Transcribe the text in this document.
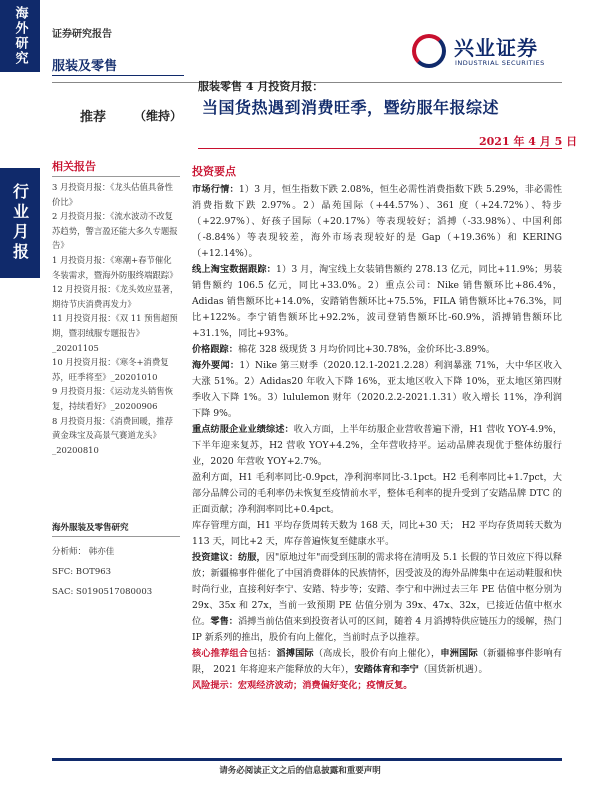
海外研究
行业月报
证券研究报告
服装及零售
兴业证券
INDUSTRIAL SECURITIES
推荐 （维持）
服装零售 4 月投资月报：
当国货热遇到消费旺季，暨纺服年报综述
2021 年 4 月 5 日
相关报告
3 月投资月报：《龙头估值具备性价比》
2 月投资月报：《流水波动不改复苏趋势，警言盈还能大多久专题报告》
1 月投资月报：《寒潮+春节催化冬装需求，暨海外防服终端跟踪》
12 月投资月报：《龙头效应显著，期待节庆消费再发力》
11 月投资月报：《双 11 预售超预期，暨羽绒服专题报告》_20201105
10 月投资月报：《寒冬+消费复苏，旺季将至》_20201010
9 月投资月报：《运动龙头销售恢复，持续看好》_20200906
8 月投资月报：《消费回暖，推荐黄金珠宝及高景气赛道龙头》_20200810
海外服装及零售研究
分析师： 韩亦佳
SFC: BOT963
SAC: S0190517080003
投资要点

市场行情：1）3 月，恒生指数下跌 2.08%，恒生必需性消费指数下跌 5.29%，非必需性消费指数下跌 2.97%。2）晶苑国际（+44.57%）、361 度（+24.72%）、特步（+22.97%）、好孩子国际（+20.17%）等表现较好；滔搏（-33.98%）、中国利郎（-8.84%）等表现较差，海外市场表现较好的是 Gap（+19.36%）和 KERING（+12.14%）。

线上淘宝数据跟踪：1）3 月，淘宝线上女装销售额约 278.13 亿元，同比+11.9%；男装销售额约 106.5 亿元，同比+33.0%。2）重点公司：Nike 销售额环比+86.4%，Adidas 销售额环比+14.0%，安踏销售额环比+75.5%，FILA 销售额环比+76.3%，同比+122%。李宁销售额环比+92.2%，波司登销售额环比-60.9%，滔搏销售额环比+31.1%，同比+93%。

价格跟踪：棉花 328 级现货 3 月均价同比+30.78%，金价环比-3.89%。

海外要闻：1）Nike 第三财季（2020.12.1-2021.2.28）利润暴涨 71%，大中华区收入大涨 51%。2）Adidas20 年收入下降 16%，亚太地区收入下降 10%，亚太地区第四财季收入下降 1%。3）lululemon 财年（2020.2.2-2021.1.31）收入增长 11%，净利润下降 9%。

重点纺服企业业绩综述：收入方面，上半年纺服企业营收普遍下滑，H1 营收 YOY-4.9%，下半年迎来复苏，H2 营收 YOY+4.2%，全年营收持平。运动品牌表现优于整体纺服行业，2020 年营收 YOY+2.7%。

盈利方面，H1 毛利率同比-0.9pct，净利润率同比-3.1pct。H2 毛利率同比+1.7pct，大部分品牌公司的毛利率仍未恢复至疫情前水平，整体毛利率的提升受到了安踏品牌 DTC 的正面贡献；净利润率同比+0.4pct。

库存管理方面，H1 平均存货周转天数为 168 天，同比+30 天； H2 平均存货周转天数为 113 天，同比+2 天，库存普遍恢复至健康水平。

投资建议：纺服，因"原地过年"而受到压制的需求将在清明及 5.1 长假的节日效应下得以释放；新疆棉事件催化了中国消费群体的民族情怀，因受波及的海外品牌集中在运动鞋服和快时尚行业，直接利好李宁、安踏、特步等；安踏、李宁和中洲过去三年 PE 估值中枢分别为 29x、35x 和 27x，当前一致预期 PE 估值分别为 39x、47x、32x，已接近估值中枢水位。零售：滔搏当前估值来到投资者认可的区间，随着 4 月滔搏特供应链压力的缓解，热门 IP 新系列的推出，股价有向上催化，当前时点予以推荐。

核心推荐组合包括：滔搏国际（高成长，股价有向上催化），申洲国际（新疆棉事件影响有限， 2021 年将迎来产能释放的大年），安踏体育和李宁（国货新机遇）。

风险提示：宏观经济波动；消费偏好变化；疫情反复。

请务必阅读正文之后的信息披露和重要声明
